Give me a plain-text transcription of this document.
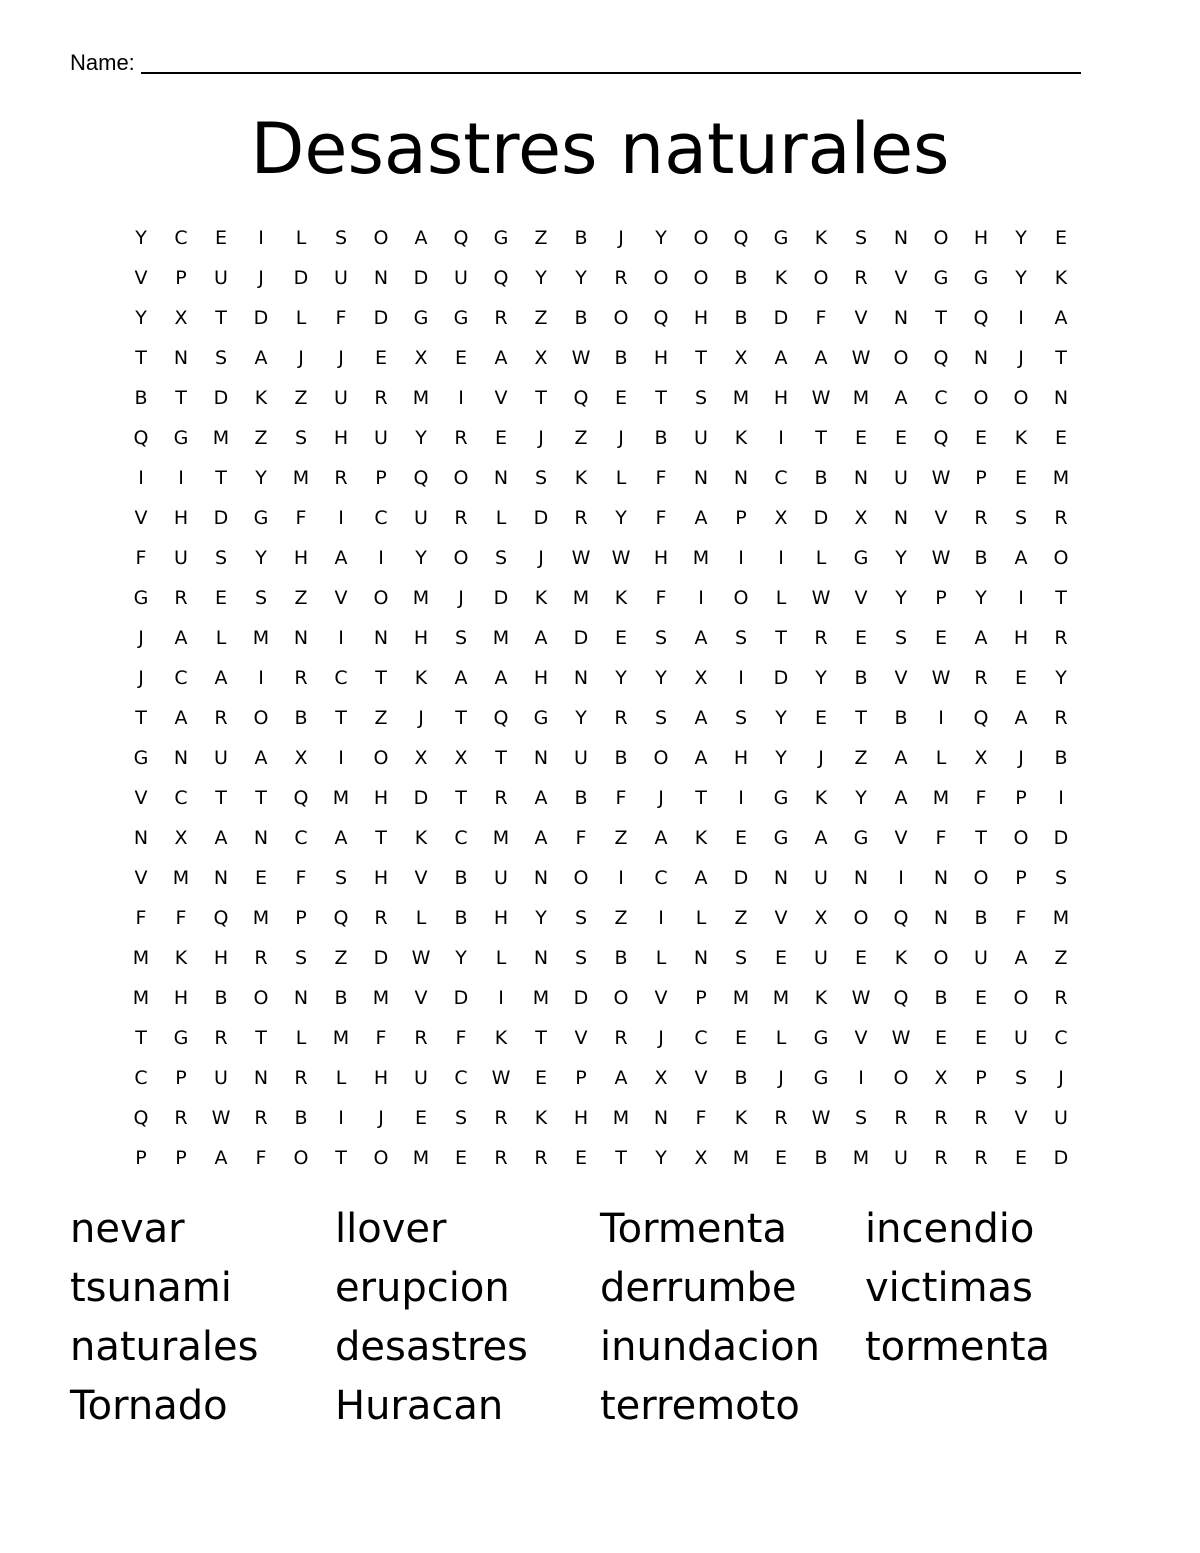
Name:
Desastres naturales
Y	C	E	I	L	S	O	A	Q	G	Z	B	J	Y	O	Q	G	K	S	N	O	H	Y	E
V	P	U	J	D	U	N	D	U	Q	Y	Y	R	O	O	B	K	O	R	V	G	G	Y	K
Y	X	T	D	L	F	D	G	G	R	Z	B	O	Q	H	B	D	F	V	N	T	Q	I	A
T	N	S	A	J	J	E	X	E	A	X	W	B	H	T	X	A	A	W	O	Q	N	J	T
B	T	D	K	Z	U	R	M	I	V	T	Q	E	T	S	M	H	W	M	A	C	O	O	N
Q	G	M	Z	S	H	U	Y	R	E	J	Z	J	B	U	K	I	T	E	E	Q	E	K	E
I	I	T	Y	M	R	P	Q	O	N	S	K	L	F	N	N	C	B	N	U	W	P	E	M
V	H	D	G	F	I	C	U	R	L	D	R	Y	F	A	P	X	D	X	N	V	R	S	R
F	U	S	Y	H	A	I	Y	O	S	J	W	W	H	M	I	I	L	G	Y	W	B	A	O
G	R	E	S	Z	V	O	M	J	D	K	M	K	F	I	O	L	W	V	Y	P	Y	I	T
J	A	L	M	N	I	N	H	S	M	A	D	E	S	A	S	T	R	E	S	E	A	H	R
J	C	A	I	R	C	T	K	A	A	H	N	Y	Y	X	I	D	Y	B	V	W	R	E	Y
T	A	R	O	B	T	Z	J	T	Q	G	Y	R	S	A	S	Y	E	T	B	I	Q	A	R
G	N	U	A	X	I	O	X	X	T	N	U	B	O	A	H	Y	J	Z	A	L	X	J	B
V	C	T	T	Q	M	H	D	T	R	A	B	F	J	T	I	G	K	Y	A	M	F	P	I
N	X	A	N	C	A	T	K	C	M	A	F	Z	A	K	E	G	A	G	V	F	T	O	D
V	M	N	E	F	S	H	V	B	U	N	O	I	C	A	D	N	U	N	I	N	O	P	S
F	F	Q	M	P	Q	R	L	B	H	Y	S	Z	I	L	Z	V	X	O	Q	N	B	F	M
M	K	H	R	S	Z	D	W	Y	L	N	S	B	L	N	S	E	U	E	K	O	U	A	Z
M	H	B	O	N	B	M	V	D	I	M	D	O	V	P	M	M	K	W	Q	B	E	O	R
T	G	R	T	L	M	F	R	F	K	T	V	R	J	C	E	L	G	V	W	E	E	U	C
C	P	U	N	R	L	H	U	C	W	E	P	A	X	V	B	J	G	I	O	X	P	S	J
Q	R	W	R	B	I	J	E	S	R	K	H	M	N	F	K	R	W	S	R	R	R	V	U
P	P	A	F	O	T	O	M	E	R	R	E	T	Y	X	M	E	B	M	U	R	R	E	D
nevar	llover	Tormenta	incendio
tsunami	erupcion	derrumbe	victimas
naturales	desastres	inundacion	tormenta
Tornado	Huracan	terremoto
